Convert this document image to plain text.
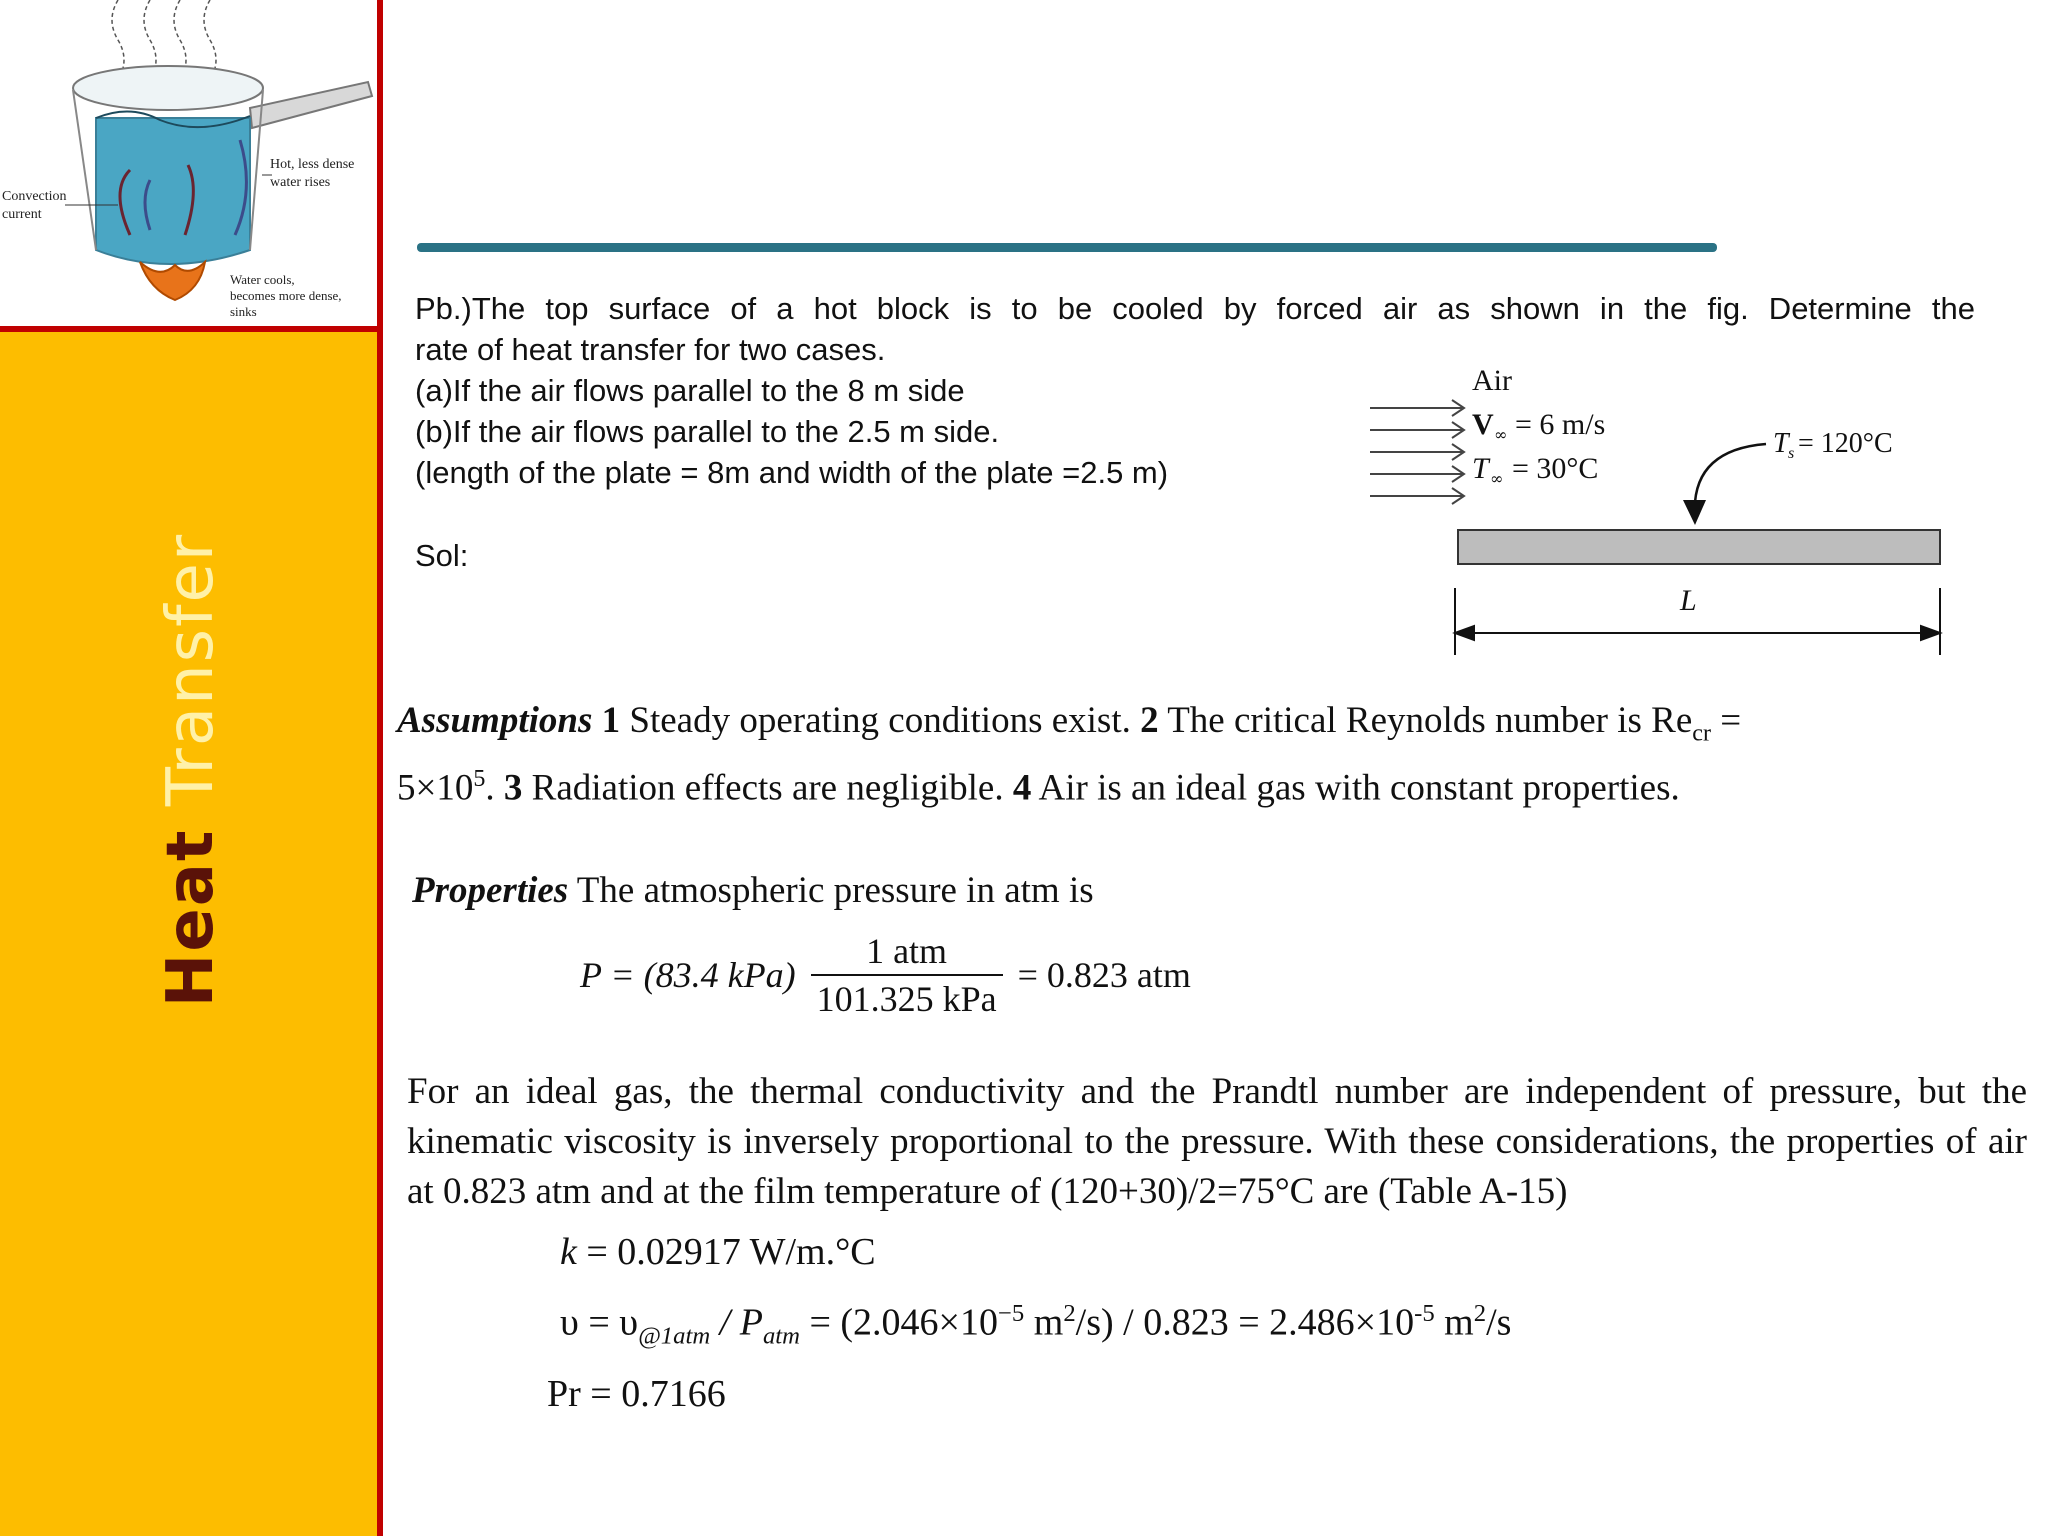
Convection
current
Hot, less dense
water rises
Water cools,
becomes more dense,
sinks
Heat Transfer
Pb.)The top surface of a hot block is to be cooled by forced air as shown in the fig. Determine the
rate of heat transfer for two cases.
(a)If the air flows parallel to the 8 m side
(b)If the air flows parallel to the 2.5 m side.
(length of the plate = 8m and width of the plate =2.5 m)
Sol:
Air
V ∞ = 6 m/s
T ∞ = 30°C
T s = 120°C
L
Assumptions 1 Steady operating conditions exist. 2 The critical Reynolds number is $Re_{cr} = 5\times 10^5$. 3 Radiation effects are negligible. 4 Air is an ideal gas with constant properties.
Properties The atmospheric pressure in atm is
P = (83.4 $kPa) \frac{\text{1 atm}}{\text{101.325 kPa}} = 0.823$ atm
For an ideal gas, the thermal conductivity and the Prandtl number are independent of pressure, but the kinematic viscosity is inversely proportional to the pressure. With these considerations, the properties of air at 0.823 atm and at the film temperature of (120+30)/2=75°C are (Table A-15)
k = 0.02917 W/m.°C
$\upsilon = \upsilon_{@1atm} / P_{atm} = (2.046\times 10^{-5}$ $m^2/s) / 0.823 = 2.486\times 10^{-5}$ $m^2/s$
Pr = 0.7166
